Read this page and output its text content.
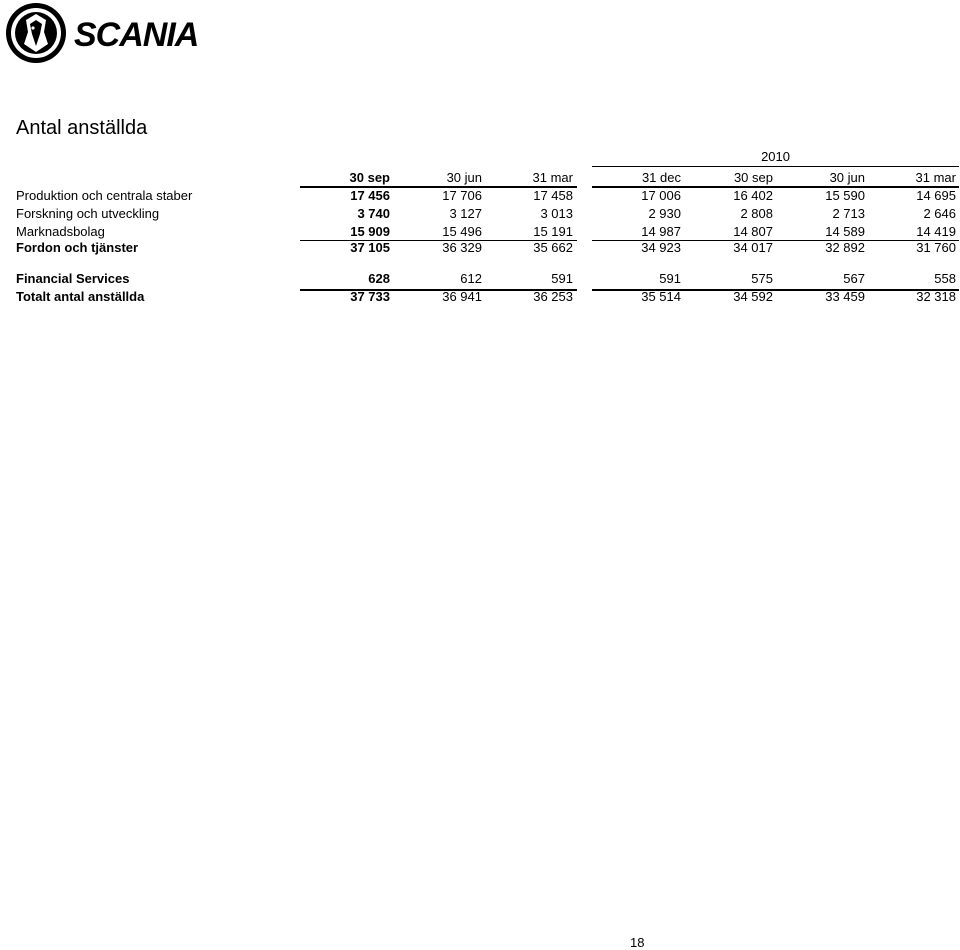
SCANIA
Antal anställda
2010
30 sep	30 jun	31 mar	31 dec	30 sep	30 jun	31 mar
Produktion och centrala staber	17 456	17 706	17 458	17 006	16 402	15 590	14 695
Forskning och utveckling	3 740	3 127	3 013	2 930	2 808	2 713	2 646
Marknadsbolag	15 909	15 496	15 191	14 987	14 807	14 589	14 419
Fordon och tjänster	37 105	36 329	35 662	34 923	34 017	32 892	31 760
Financial Services	628	612	591	591	575	567	558
Totalt antal anställda	37 733	36 941	36 253	35 514	34 592	33 459	32 318
18
